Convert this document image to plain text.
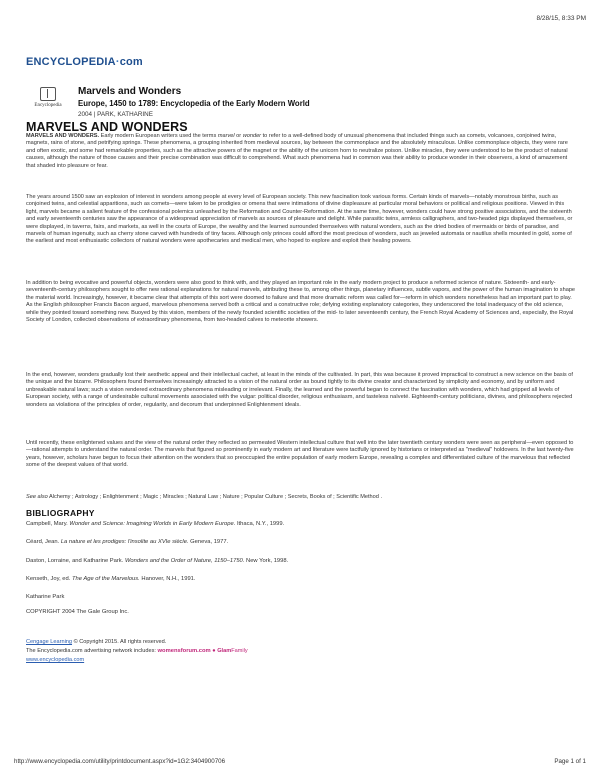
8/28/15, 8:33 PM
ENCYCLOPEDIA·com
Encyclopedia
Marvels and Wonders
Europe, 1450 to 1789: Encyclopedia of the Early Modern World
2004 | PARK, KATHARINE
MARVELS AND WONDERS
MARVELS AND WONDERS. Early modern European writers used the terms marvel or wonder to refer to a well-defined body of unusual phenomena that included things such as comets, volcanoes, conjoined twins, magnets, rains of stone, and petrifying springs. These phenomena, a grouping inherited from medieval sources, lay between the commonplace and the absolutely miraculous. Unlike commonplace objects, they were rare and often exotic, and some had remarkable properties, such as the attractive powers of the magnet or the ability of the unicorn horn to neutralize poison. Unlike miracles, they were understood to be the product of natural causes, although the nature of those causes and their precise combination was difficult to comprehend. What such phenomena had in common was their ability to produce wonder in their observers, a kind of amazement that shaded into pleasure or fear.
The years around 1500 saw an explosion of interest in wonders among people at every level of European society. This new fascination took various forms. Certain kinds of marvels—notably monstrous births, such as conjoined twins, and celestial apparitions, such as comets—were taken to be prodigies or omens that were intimations of divine displeasure at particular moral behaviors or political and religious positions. Viewed in this light, marvels became a salient feature of the confessional polemics unleashed by the Reformation and Counter-Reformation. At the same time, however, wonders could have strong positive associations, and the sixteenth and early seventeenth centuries saw the appearance of a widespread appreciation of marvels as sources of pleasure and delight. While parasitic twins, armless calligraphers, and two-headed pigs displayed themselves, or were displayed, in taverns, fairs, and markets, as well in the courts of Europe, the wealthy and the learned surrounded themselves with natural wonders, such as the dried bodies of mermaids or birds of paradise, and marvels of human ingenuity, such as cherry stone carved with hundreds of tiny faces. Although only princes could afford the most precious of wonders, such as jeweled automata or nautilus shells mounted in gold, some of the earliest and most enthusiastic collectors of natural wonders were apothecaries and medical men, who hoped to explore and exploit their healing powers.
In addition to being evocative and powerful objects, wonders were also good to think with, and they played an important role in the early modern project to produce a reformed science of nature. Sixteenth- and early-seventeenth-century philosophers sought to offer new rational explanations for natural marvels, attributing these to, among other things, planetary influences, subtle vapors, and the power of the human imagination to shape the material world. Increasingly, however, it became clear that attempts of this sort were doomed to failure and that more dramatic reform was called for—reform in which wonders nonetheless had an important part to play. As the English philosopher Francis Bacon argued, marvelous phenomena served both a critical and a constructive role; defying existing explanatory categories, they underscored the total inadequacy of the old science, while they pointed toward something new. Buoyed by this vision, members of the newly founded scientific societies of the mid- to later seventeenth century, the French Royal Academy of Sciences and, especially, the Royal Society of London, collected observations of extraordinary phenomena, from two-headed calves to meteorite showers.
In the end, however, wonders gradually lost their aesthetic appeal and their intellectual cachet, at least in the minds of the cultivated. In part, this was because it proved impractical to construct a new science on the basis of the unique and the bizarre. Philosophers found themselves increasingly attracted to a vision of the natural order as bound tightly to its divine creator and characterized by simplicity and economy, and by uniform and unbreakable natural laws; such a vision rendered extraordinary phenomena misleading or irrelevant. Finally, the learned and the powerful began to connect the fascination with wonders, which had gripped all levels of European society, with a range of undesirable cultural movements associated with the vulgar: political disorder, religious enthusiasm, and tasteless naïveté. Eighteenth-century politicians, divines, and philosophers rejected wonders as violations of the principles of order, regularity, and decorum that underpinned Enlightenment ideals.
Until recently, these enlightened values and the view of the natural order they reflected so permeated Western intellectual culture that well into the later twentieth century wonders were seen as peripheral—even opposed to—rational attempts to understand the natural order. The marvels that figured so prominently in early modern art and literature were tactfully ignored by historians or interpreted as "medieval" holdovers. In the last twenty-five years, however, scholars have begun to focus their attention on the wonders that so preoccupied the entire population of early modern Europe, revealing a complex and differentiated culture of the marvelous that reflected some of the deepest values of that world.
See also Alchemy ; Astrology ; Enlightenment ; Magic ; Miracles ; Natural Law ; Nature ; Popular Culture ; Secrets, Books of ; Scientific Method .
BIBLIOGRAPHY
Campbell, Mary. Wonder and Science: Imagining Worlds in Early Modern Europe. Ithaca, N.Y., 1999.
Céard, Jean. La nature et les prodiges: l'insolite au XVIe siècle. Geneva, 1977.
Daston, Lorraine, and Katharine Park. Wonders and the Order of Nature, 1150–1750. New York, 1998.
Kenseth, Joy, ed. The Age of the Marvelous. Hanover, N.H., 1991.
Katharine Park
COPYRIGHT 2004 The Gale Group Inc.
Cengage Learning © Copyright 2015. All rights reserved.
The Encyclopedia.com advertising network includes: womensforum.com ● GlamFamily
www.encyclopedia.com
http://www.encyclopedia.com/utility/printdocument.aspx?id=1G2:3404900706	Page 1 of 1
